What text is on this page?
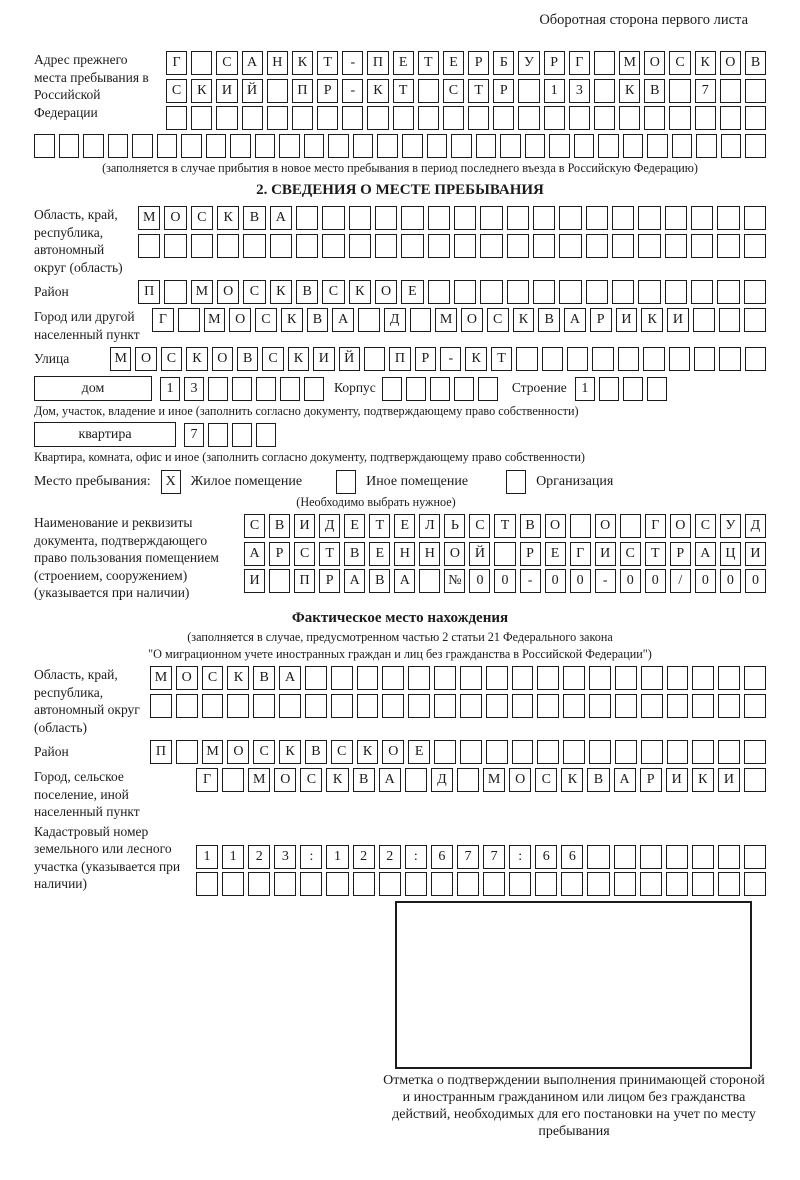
Оборотная сторона первого листа
Адрес прежнего места пребывания в Российской Федерации
Г	С	А	Н	К	Т	-	П	Е	Т	Е	Р	Б	У	Р	Г	М О	С	К	О	В
С	К	И	Й	П	Р	-	К	Т	С	Т	Р	1	3	К	В	7
(заполняется в случае прибытия в новое место пребывания в период последнего въезда в Российскую Федерацию)
2. СВЕДЕНИЯ О МЕСТЕ ПРЕБЫВАНИЯ
Область, край, республика, автономный округ (область)
М	О	С	К	В	А
Район	П	М	О	С	К	В	С	К	О	Е
Город или другой населенный пункт
Г	М	О	С	К	В	А	Д	М	О	С	К	В	А	Р	И	К	И
Улица	М	О	С	К	О	В	С	К	И	Й	П	Р	-	К	Т
дом	1	3	Корпус	Строение	1
Дом, участок, владение и иное (заполнить согласно документу, подтверждающему право собственности)
квартира	7
Квартира, комната, офис и иное (заполнить согласно документу, подтверждающему право собственности)
Место пребывания:	X	Жилое помещение	Иное помещение	Организация
(Необходимо выбрать нужное)
Наименование и реквизиты документа, подтверждающего право пользования помещением (строением, сооружением) (указывается при наличии)
С	В	И	Д	Е	Т	Е	Л	Ь	С	Т	В	О	О	Г	О	С	У	Д
А	Р	С	Т	В	Е	Н	Н	О	Й	Р	Е	Г	И	С	Т	Р	А	Ц	И
И	П	Р	А	В	А	№	0	0	-	0	0	-	0	0	/	0	0	0
Фактическое место нахождения
(заполняется в случае, предусмотренном частью 2 статьи 21 Федерального закона
"О миграционном учете иностранных граждан и лиц без гражданства в Российской Федерации")
Область, край, республика, автономный округ (область)
М	О	С	К	В	А
Район	П	М	О	С	К	В	С	К	О	Е
Город, сельское поселение, иной населенный пункт
Г	М	О	С	К	В	А	Д	М	О	С	К	В	А	Р	И	К	И
Кадастровый номер земельного или лесного участка (указывается при наличии)
1	1	2	3	:	1	2	2	:	6	7	7	:	6	6
Отметка о подтверждении выполнения принимающей стороной и иностранным гражданином или лицом без гражданства действий, необходимых для его постановки на учет по месту пребывания
